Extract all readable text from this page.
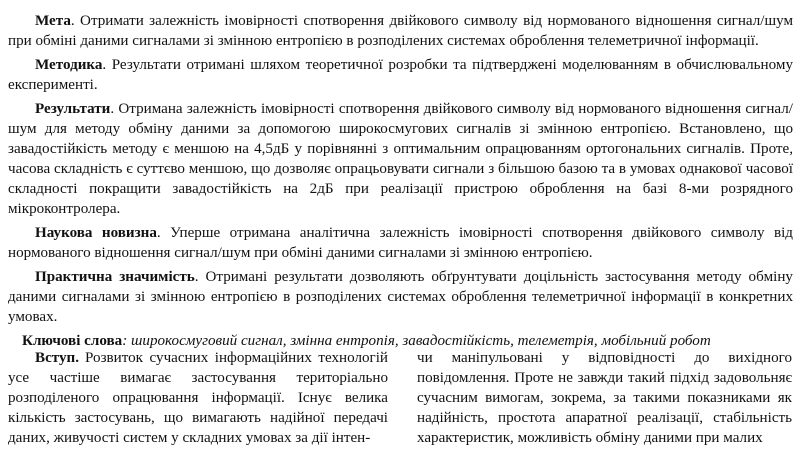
Мета. Отримати залежність імовірності спотворення двійкового символу від нормованого відношення сигнал/шум при обміні даними сигналами зі змінною ентропією в розподілених системах оброблення телеметричної інформації.

Методика. Результати отримані шляхом теоретичної розробки та підтверджені моделюванням в обчислювальному експерименті.

Результати. Отримана залежність імовірності спотворення двійкового символу від нормованого відношення сигнал/шум для методу обміну даними за допомогою широкосмугових сигналів зі змінною ентропією. Встановлено, що завадостійкість методу є меншою на 4,5дБ у порівнянні з оптимальним опрацюванням ортогональних сигналів. Проте, часова складність є суттєво меншою, що дозволяє опрацьовувати сигнали з більшою базою та в умовах однакової часової складності покращити завадостійкість на 2дБ при реалізації пристрою оброблення на базі 8-ми розрядного мікроконтролера.

Наукова новизна. Уперше отримана аналітична залежність імовірності спотворення двійкового символу від нормованого відношення сигнал/шум при обміні даними сигналами зі змінною ентропією.

Практична значимість. Отримані результати дозволяють обґрунтувати доцільність застосування методу обміну даними сигналами зі змінною ентропією в розподілених системах оброблення телеметричної інформації в конкретних умовах.

Ключові слова: широкосмуговий сигнал, змінна ентропія, завадостійкість, телеметрія, мобільний робот

Вступ. Розвиток сучасних інформаційних технологій усе частіше вимагає застосування територіально розподіленого опрацювання інформації. Існує велика кількість застосувань, що вимагають надійної передачі даних, живучості систем у складних умовах за дії інтен-

чи маніпульовані у відповідності до вихідного повідомлення. Проте не завжди такий підхід задовольняє сучасним вимогам, зокрема, за такими показниками як надійність, простота апаратної реалізації, стабільність характеристик, можливість обміну даними при малих
